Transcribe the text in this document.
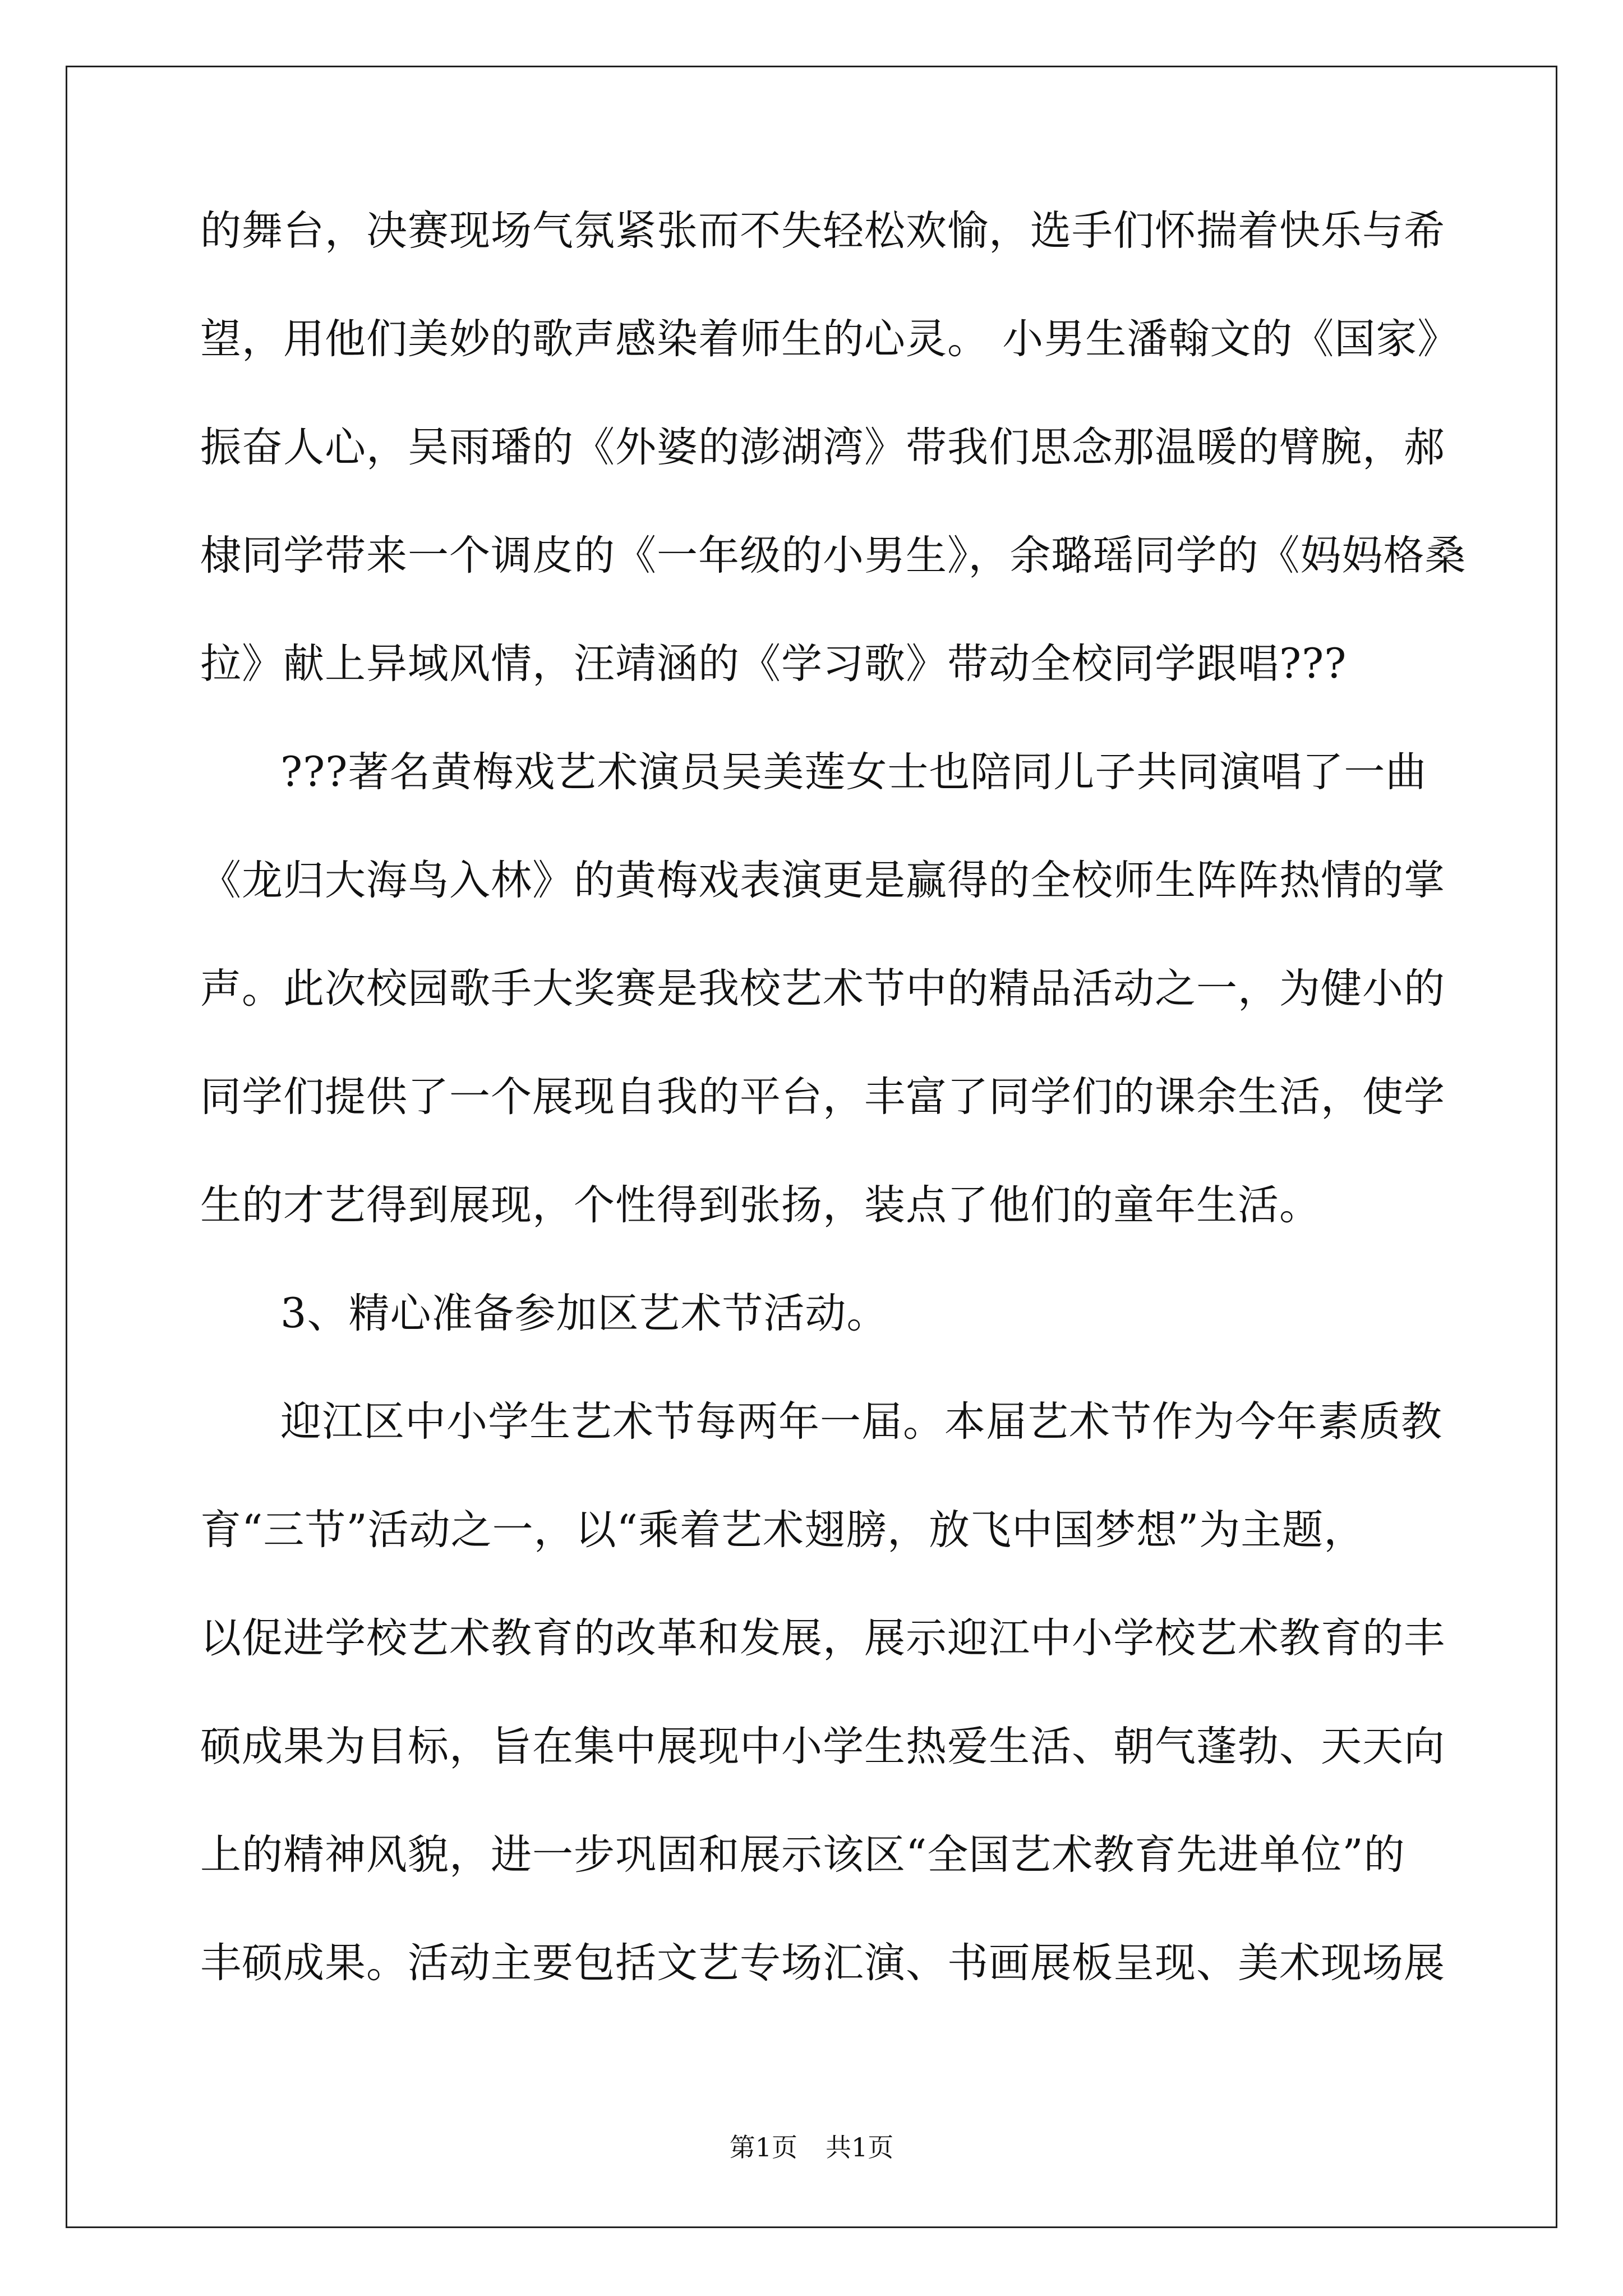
的舞台，决赛现场气氛紧张而不失轻松欢愉，选手们怀揣着快乐与希
望，用他们美妙的歌声感染着师生的心灵。 小男生潘翰文的《国家》
振奋人心，吴雨璠的《外婆的澎湖湾》带我们思念那温暖的臂腕，郝
棣同学带来一个调皮的《一年级的小男生》，余璐瑶同学的《妈妈格桑
拉》献上异域风情，汪靖涵的《学习歌》带动全校同学跟唱???
???著名黄梅戏艺术演员吴美莲女士也陪同儿子共同演唱了一曲
《龙归大海鸟入林》的黄梅戏表演更是赢得的全校师生阵阵热情的掌
声。此次校园歌手大奖赛是我校艺术节中的精品活动之一，为健小的
同学们提供了一个展现自我的平台，丰富了同学们的课余生活，使学
生的才艺得到展现，个性得到张扬，装点了他们的童年生活。
3、精心准备参加区艺术节活动。
迎江区中小学生艺术节每两年一届。本届艺术节作为今年素质教
育“三节”活动之一，以“乘着艺术翅膀，放飞中国梦想”为主题，
以促进学校艺术教育的改革和发展，展示迎江中小学校艺术教育的丰
硕成果为目标，旨在集中展现中小学生热爱生活、朝气蓬勃、天天向
上的精神风貌，进一步巩固和展示该区“全国艺术教育先进单位”的
丰硕成果。活动主要包括文艺专场汇演、书画展板呈现、美术现场展
第1页 共1页
